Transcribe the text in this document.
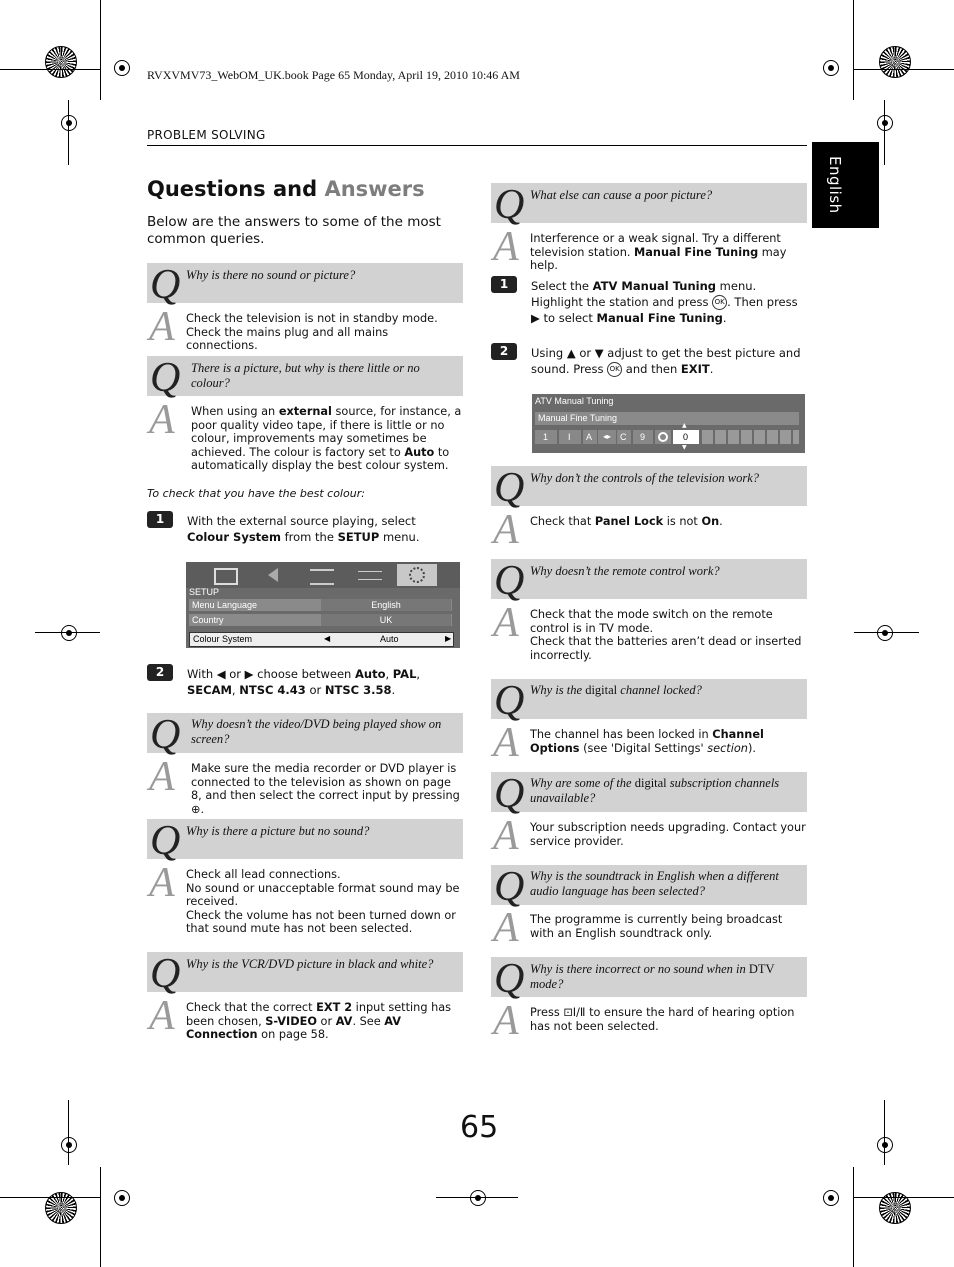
RVXVMV73_WebOM_UK.book Page 65 Monday, April 19, 2010 10:46 AM
PROBLEM SOLVING
English
Questions and Answers
Below are the answers to some of the most common queries.
Q Why is there no sound or picture?
A Check the television is not in standby mode. Check the mains plug and all mains connections.
Q There is a picture, but why is there little or no colour?
A When using an external source, for instance, a poor quality video tape, if there is little or no colour, improvements may sometimes be achieved. The colour is factory set to Auto to automatically display the best colour system.
To check that you have the best colour:
1	With the external source playing, select Colour System from the SETUP menu.
SETUP
Menu Language	English
Country	UK
Colour System	◀	Auto	▶
2	With ◀ or ▶ choose between Auto, PAL, SECAM, NTSC 4.43 or NTSC 3.58.
Q Why doesn’t the video/DVD being played show on screen?
A Make sure the media recorder or DVD player is connected to the television as shown on page 8, and then select the correct input by pressing ⊕.
Q Why is there a picture but no sound?
A Check all lead connections.
No sound or unacceptable format sound may be received.
Check the volume has not been turned down or that sound mute has not been selected.
Q Why is the VCR/DVD picture in black and white?
A Check that the correct EXT 2 input setting has been chosen, S-VIDEO or AV. See AV Connection on page 58.
Q What else can cause a poor picture?
A Interference or a weak signal. Try a different television station. Manual Fine Tuning may help.
1	Select the ATV Manual Tuning menu. Highlight the station and press OK . Then press ▶ to select Manual Fine Tuning.
2	Using ▲ or ▼ adjust to get the best picture and sound. Press OK and then EXIT.
ATV Manual Tuning
Manual Fine Tuning
1 I A	◂▸ C 9	0
▲
▼
Q Why don’t the controls of the television work?
A Check that Panel Lock is not On.
Q Why doesn’t the remote control work?
A Check that the mode switch on the remote control is in TV mode.
Check that the batteries aren’t dead or inserted incorrectly.
Q Why is the digital channel locked?
A The channel has been locked in Channel Options (see 'Digital Settings' section).
Q Why are some of the digital subscription channels unavailable?
A Your subscription needs upgrading. Contact your service provider.
Q Why is the soundtrack in English when a different audio language has been selected?
A The programme is currently being broadcast with an English soundtrack only.
Q Why is there incorrect or no sound when in DTV mode?
A Press ⊡Ⅰ/Ⅱ to ensure the hard of hearing option has not been selected.
65
